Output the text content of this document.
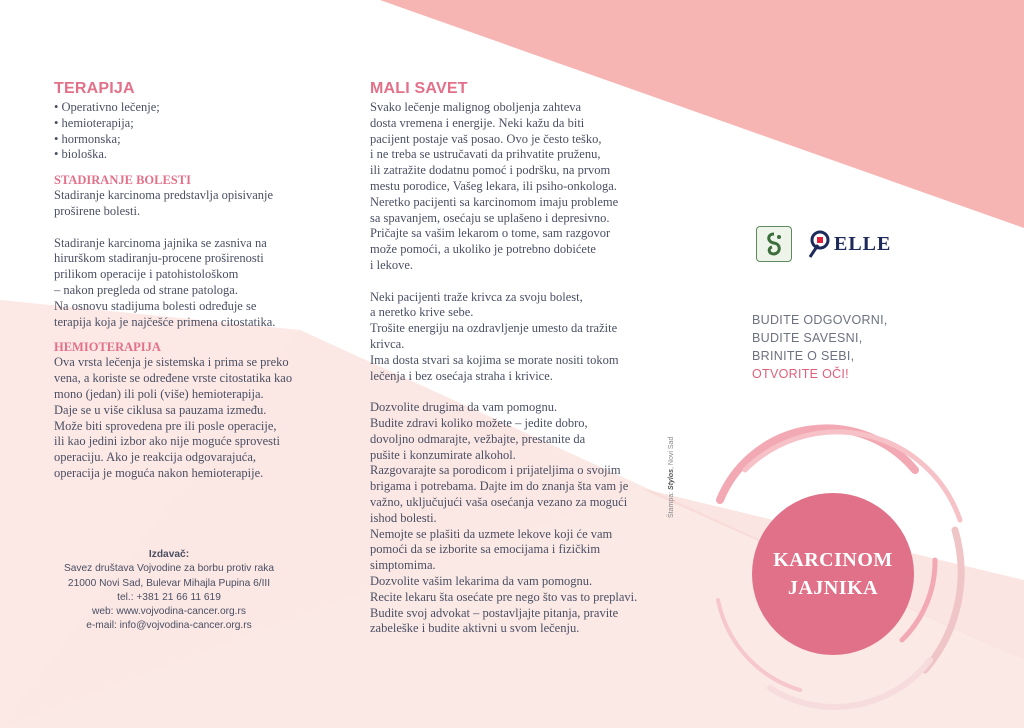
TERAPIJA
• Operativno lečenje;
• hemioterapija;
• hormonska;
• biološka.
STADIRANJE BOLESTI

Stadiranje karcinoma predstavlja opisivanje

proširene bolesti.

Stadiranje karcinoma jajnika se zasniva na

hirurškom stadiranju-procene proširenosti

prilikom operacije i patohistološkom

– nakon pregleda od strane patologa.

Na osnovu stadijuma bolesti određuje se

terapija koja je najčešće primena citostatika.

HEMIOTERAPIJA

Ova vrsta lečenja je sistemska i prima se preko

vena, a koriste se određene vrste citostatika kao

mono (jedan) ili poli (više) hemioterapija.

Daje se u više ciklusa sa pauzama između.

Može biti sprovedena pre ili posle operacije,

ili kao jedini izbor ako nije moguće sprovesti

operaciju. Ako je reakcija odgovarajuća,

operacija je moguća nakon hemioterapije.

Izdavač:
Savez društava Vojvodine za borbu protiv raka
21000 Novi Sad, Bulevar Mihajla Pupina 6/III
tel.: +381 21 66 11 619
web: www.vojvodina-cancer.org.rs
e-mail: info@vojvodina-cancer.org.rs
MALI SAVET

Svako lečenje malignog oboljenja zahteva

dosta vremena i energije. Neki kažu da biti

pacijent postaje vaš posao. Ovo je često teško,

i ne treba se ustručavati da prihvatite pruženu,

ili zatražite dodatnu pomoć i podršku, na prvom

mestu porodice, Vašeg lekara, ili psiho-onkologa.

Neretko pacijenti sa karcinomom imaju probleme

sa spavanjem, osećaju se uplašeno i depresivno.

Pričajte sa vašim lekarom o tome, sam razgovor

može pomoći, a ukoliko je potrebno dobićete

i lekove.

Neki pacijenti traže krivca za svoju bolest,

a neretko krive sebe.

Trošite energiju na ozdravljenje umesto da tražite

krivca.

Ima dosta stvari sa kojima se morate nositi tokom

lečenja i bez osećaja straha i krivice.

Dozvolite drugima da vam pomognu.

Budite zdravi koliko možete – jedite dobro,

dovoljno odmarajte, vežbajte, prestanite da

pušite i konzumirate alkohol.

Razgovarajte sa porodicom i prijateljima o svojim

brigama i potrebama. Dajte im do znanja šta vam je

važno, uključujući vaša osećanja vezano za mogući

ishod bolesti.

Nemojte se plašiti da uzmete lekove koji će vam

pomoći da se izborite sa emocijama i fizičkim

simptomima.

Dozvolite vašim lekarima da vam pomognu.

Recite lekaru šta osećate pre nego što vas to preplavi.

Budite svoj advokat – postavljajte pitanja, pravite

zabeleške i budite aktivni u svom lečenju.

Štampa: Stylos, Novi Sad
ELLE
BUDITE ODGOVORNI,
BUDITE SAVESNI,
BRINITE O SEBI,
OTVORITE OČI!
KARCINOM
JAJNIKA
